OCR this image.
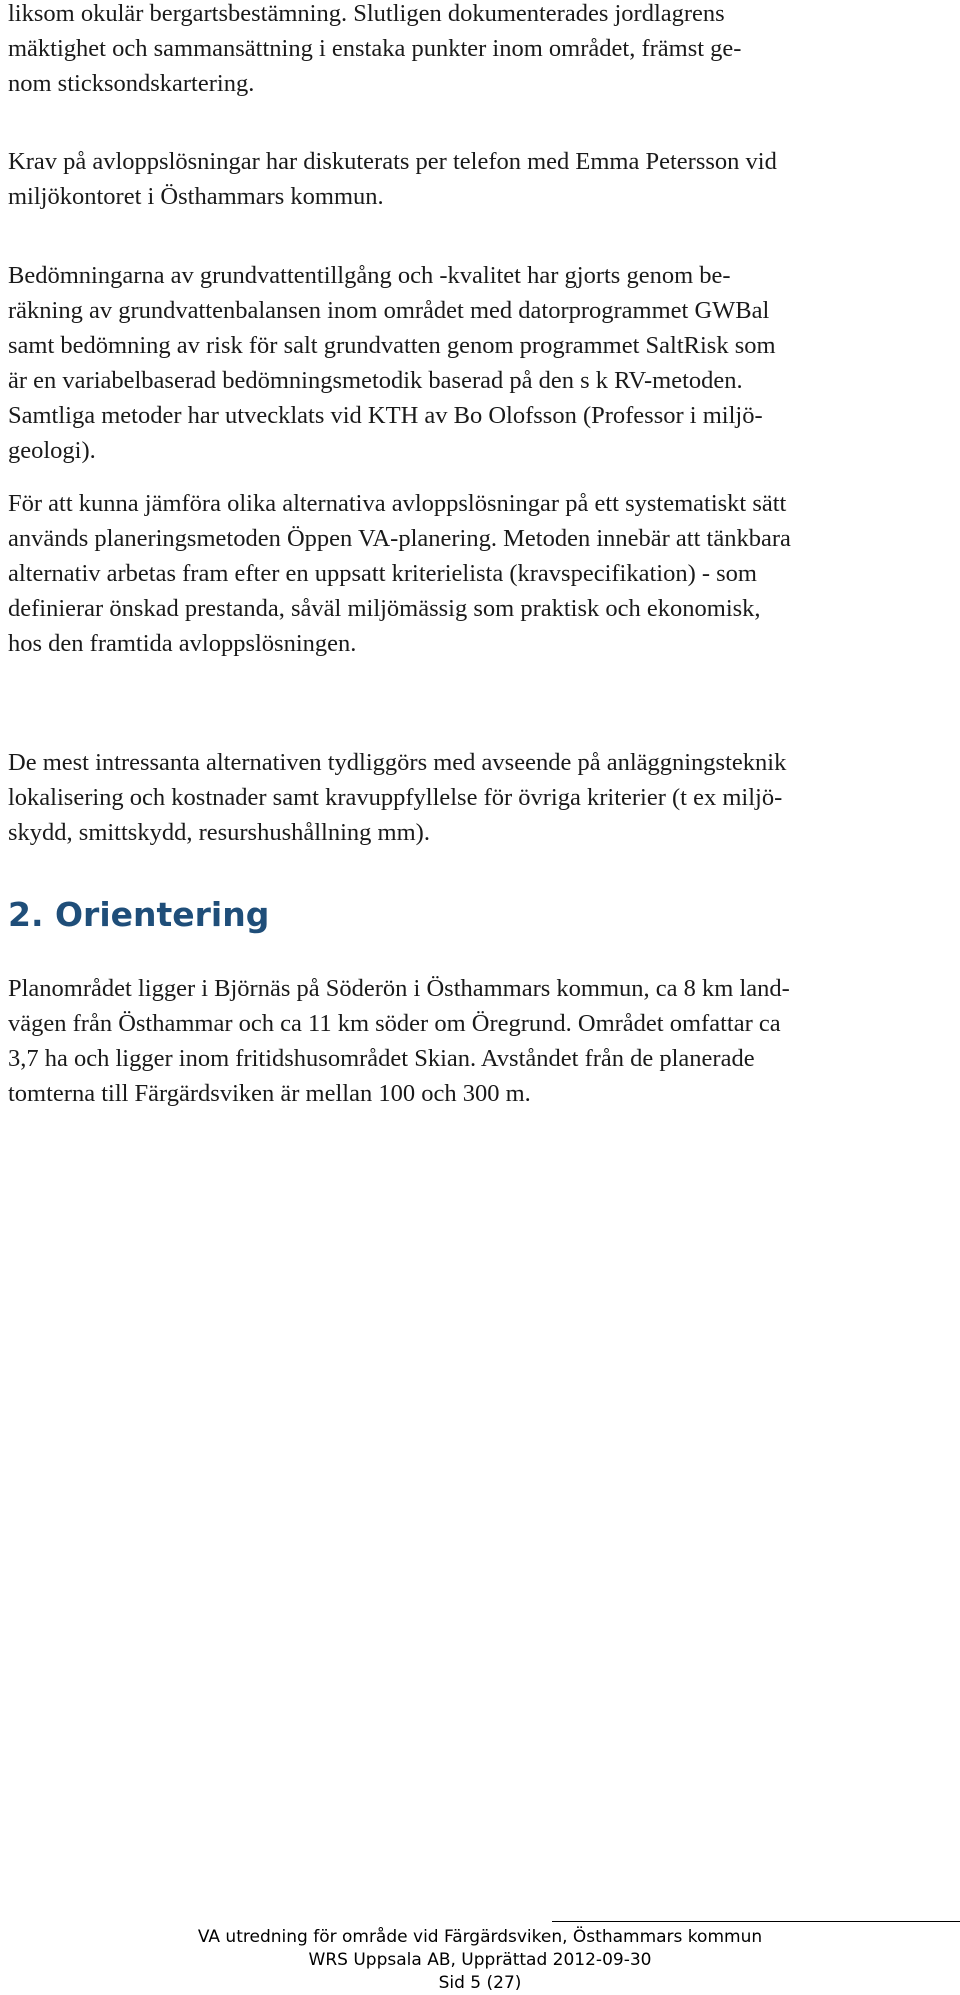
liksom okulär bergartsbestämning. Slutligen dokumenterades jordlagrens
mäktighet och sammansättning i enstaka punkter inom området, främst ge-
nom sticksondskartering.

Krav på avloppslösningar har diskuterats per telefon med Emma Petersson vid
miljökontoret i Östhammars kommun.

Bedömningarna av grundvattentillgång och -kvalitet har gjorts genom be-
räkning av grundvattenbalansen inom området med datorprogrammet GWBal
samt bedömning av risk för salt grundvatten genom programmet SaltRisk som
är en variabelbaserad bedömningsmetodik baserad på den s k RV-metoden.
Samtliga metoder har utvecklats vid KTH av Bo Olofsson (Professor i miljö-
geologi).

För att kunna jämföra olika alternativa avloppslösningar på ett systematiskt sätt
används planeringsmetoden Öppen VA-planering. Metoden innebär att tänkbara
alternativ arbetas fram efter en uppsatt kriterielista (kravspecifikation) - som
definierar önskad prestanda, såväl miljömässig som praktisk och ekonomisk,
hos den framtida avloppslösningen.

De mest intressanta alternativen tydliggörs med avseende på anläggningsteknik
lokalisering och kostnader samt kravuppfyllelse för övriga kriterier (t ex miljö-
skydd, smittskydd, resurshushållning mm).

2. Orientering

Planområdet ligger i Björnäs på Söderön i Östhammars kommun, ca 8 km land-
vägen från Östhammar och ca 11 km söder om Öregrund. Området omfattar ca
3,7 ha och ligger inom fritidshusområdet Skian. Avståndet från de planerade
tomterna till Färgärdsviken är mellan 100 och 300 m.

VA utredning för område vid Färgärdsviken, Östhammars kommun
WRS Uppsala AB, Upprättad 2012-09-30
Sid 5 (27)
